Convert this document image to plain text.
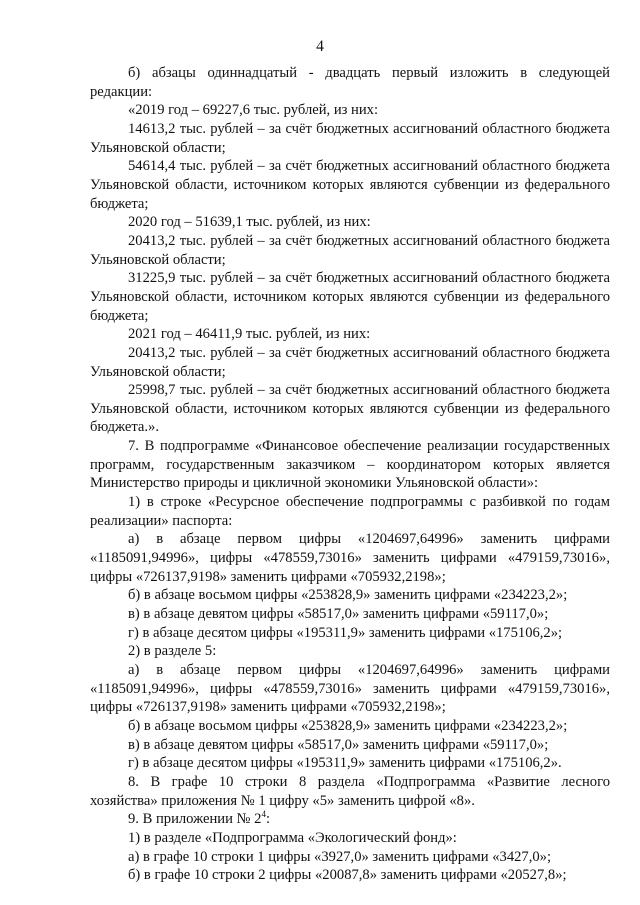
4

б) абзацы одиннадцатый - двадцать первый изложить в следующей редакции:

«2019 год – 69227,6 тыс. рублей, из них:

14613,2 тыс. рублей – за счёт бюджетных ассигнований областного бюджета Ульяновской области;

54614,4 тыс. рублей – за счёт бюджетных ассигнований областного бюджета Ульяновской области, источником которых являются субвенции из федерального бюджета;

2020 год – 51639,1 тыс. рублей, из них:

20413,2 тыс. рублей – за счёт бюджетных ассигнований областного бюджета Ульяновской области;

31225,9 тыс. рублей – за счёт бюджетных ассигнований областного бюджета Ульяновской области, источником которых являются субвенции из федерального бюджета;

2021 год – 46411,9 тыс. рублей, из них:

20413,2 тыс. рублей – за счёт бюджетных ассигнований областного бюджета Ульяновской области;

25998,7 тыс. рублей – за счёт бюджетных ассигнований областного бюджета Ульяновской области, источником которых являются субвенции из федерального бюджета.».

7. В подпрограмме «Финансовое обеспечение реализации государственных программ, государственным заказчиком – координатором которых является Министерство природы и цикличной экономики Ульяновской области»:

1) в строке «Ресурсное обеспечение подпрограммы с разбивкой по годам реализации» паспорта:

а) в абзаце первом цифры «1204697,64996» заменить цифрами «1185091,94996», цифры «478559,73016» заменить цифрами «479159,73016», цифры «726137,9198» заменить цифрами «705932,2198»;

б) в абзаце восьмом цифры «253828,9» заменить цифрами «234223,2»;

в) в абзаце девятом цифры «58517,0» заменить цифрами «59117,0»;

г) в абзаце десятом цифры «195311,9» заменить цифрами «175106,2»;

2) в разделе 5:

а) в абзаце первом цифры «1204697,64996» заменить цифрами «1185091,94996», цифры «478559,73016» заменить цифрами «479159,73016», цифры «726137,9198» заменить цифрами «705932,2198»;

б) в абзаце восьмом цифры «253828,9» заменить цифрами «234223,2»;

в) в абзаце девятом цифры «58517,0» заменить цифрами «59117,0»;

г) в абзаце десятом цифры «195311,9» заменить цифрами «175106,2».

8. В графе 10 строки 8 раздела «Подпрограмма «Развитие лесного хозяйства» приложения № 1 цифру «5» заменить цифрой «8».

9. В приложении № $2^4$:

1) в разделе «Подпрограмма «Экологический фонд»:

а) в графе 10 строки 1 цифры «3927,0» заменить цифрами «3427,0»;

б) в графе 10 строки 2 цифры «20087,8» заменить цифрами «20527,8»;
